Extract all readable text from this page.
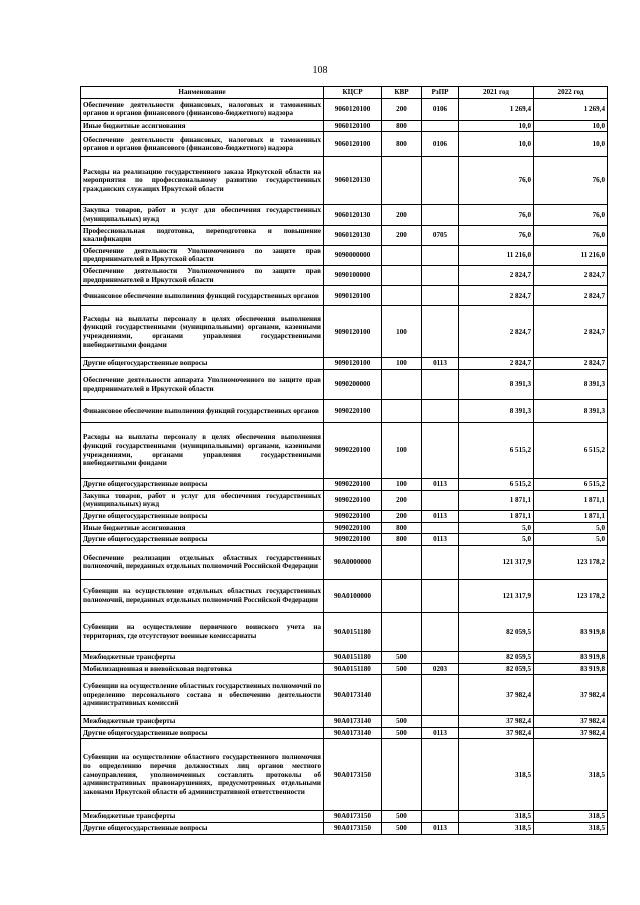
108
Наименование	КЦСР	КВР	РзПР	2021 год	2022 год
Обеспечение деятельности финансовых, налоговых и таможенных органов и органов финансового (финансово-бюджетного) надзора	9060120100	200	0106	1 269,4	1 269,4
Иные бюджетные ассигнования	9060120100	800		10,0	10,0
Обеспечение деятельности финансовых, налоговых и таможенных органов и органов финансового (финансово-бюджетного) надзора	9060120100	800	0106	10,0	10,0
Расходы на реализацию государственного заказа Иркутской области на мероприятия по профессиональному развитию государственных гражданских служащих Иркутской области	9060120130			76,0	76,0
Закупка товаров, работ и услуг для обеспечения государственных (муниципальных) нужд	9060120130	200		76,0	76,0
Профессиональная подготовка, переподготовка и повышение квалификации	9060120130	200	0705	76,0	76,0
Обеспечение деятельности Уполномоченного по защите прав предпринимателей в Иркутской области	9090000000			11 216,0	11 216,0
Обеспечение деятельности Уполномоченного по защите прав предпринимателей в Иркутской области	9090100000			2 824,7	2 824,7
Финансовое обеспечение выполнения функций государственных органов	9090120100			2 824,7	2 824,7
Расходы на выплаты персоналу в целях обеспечения выполнения функций государственными (муниципальными) органами, казенными учреждениями, органами управления государственными внебюджетными фондами	9090120100	100		2 824,7	2 824,7
Другие общегосударственные вопросы	9090120100	100	0113	2 824,7	2 824,7
Обеспечение деятельности аппарата Уполномоченного по защите прав предпринимателей в Иркутской области	9090200000			8 391,3	8 391,3
Финансовое обеспечение выполнения функций государственных органов	9090220100			8 391,3	8 391,3
Расходы на выплаты персоналу в целях обеспечения выполнения функций государственными (муниципальными) органами, казенными учреждениями, органами управления государственными внебюджетными фондами	9090220100	100		6 515,2	6 515,2
Другие общегосударственные вопросы	9090220100	100	0113	6 515,2	6 515,2
Закупка товаров, работ и услуг для обеспечения государственных (муниципальных) нужд	9090220100	200		1 871,1	1 871,1
Другие общегосударственные вопросы	9090220100	200	0113	1 871,1	1 871,1
Иные бюджетные ассигнования	9090220100	800		5,0	5,0
Другие общегосударственные вопросы	9090220100	800	0113	5,0	5,0
Обеспечение реализации отдельных областных государственных полномочий, переданных отдельных полномочий Российской Федерации	90А0000000			121 317,9	123 178,2
Субвенции на осуществление отдельных областных государственных полномочий, переданных отдельных полномочий Российской Федерации	90А0100000			121 317,9	123 178,2
Субвенции на осуществление первичного воинского учета на территориях, где отсутствуют военные комиссариаты	90А0151180			82 059,5	83 919,8
Межбюджетные трансферты	90А0151180	500		82 059,5	83 919,8
Мобилизационная и вневойсковая подготовка	90А0151180	500	0203	82 059,5	83 919,8
Субвенции на осуществление областных государственных полномочий по определению персонального состава и обеспечению деятельности административных комиссий	90А0173140			37 982,4	37 982,4
Межбюджетные трансферты	90А0173140	500		37 982,4	37 982,4
Другие общегосударственные вопросы	90А0173140	500	0113	37 982,4	37 982,4
Субвенции на осуществление областного государственного полномочия по определению перечня должностных лиц органов местного самоуправления, уполномоченных составлять протоколы об административных правонарушениях, предусмотренных отдельными законами Иркутской области об административной ответственности	90А0173150			318,5	318,5
Межбюджетные трансферты	90А0173150	500		318,5	318,5
Другие общегосударственные вопросы	90А0173150	500	0113	318,5	318,5
